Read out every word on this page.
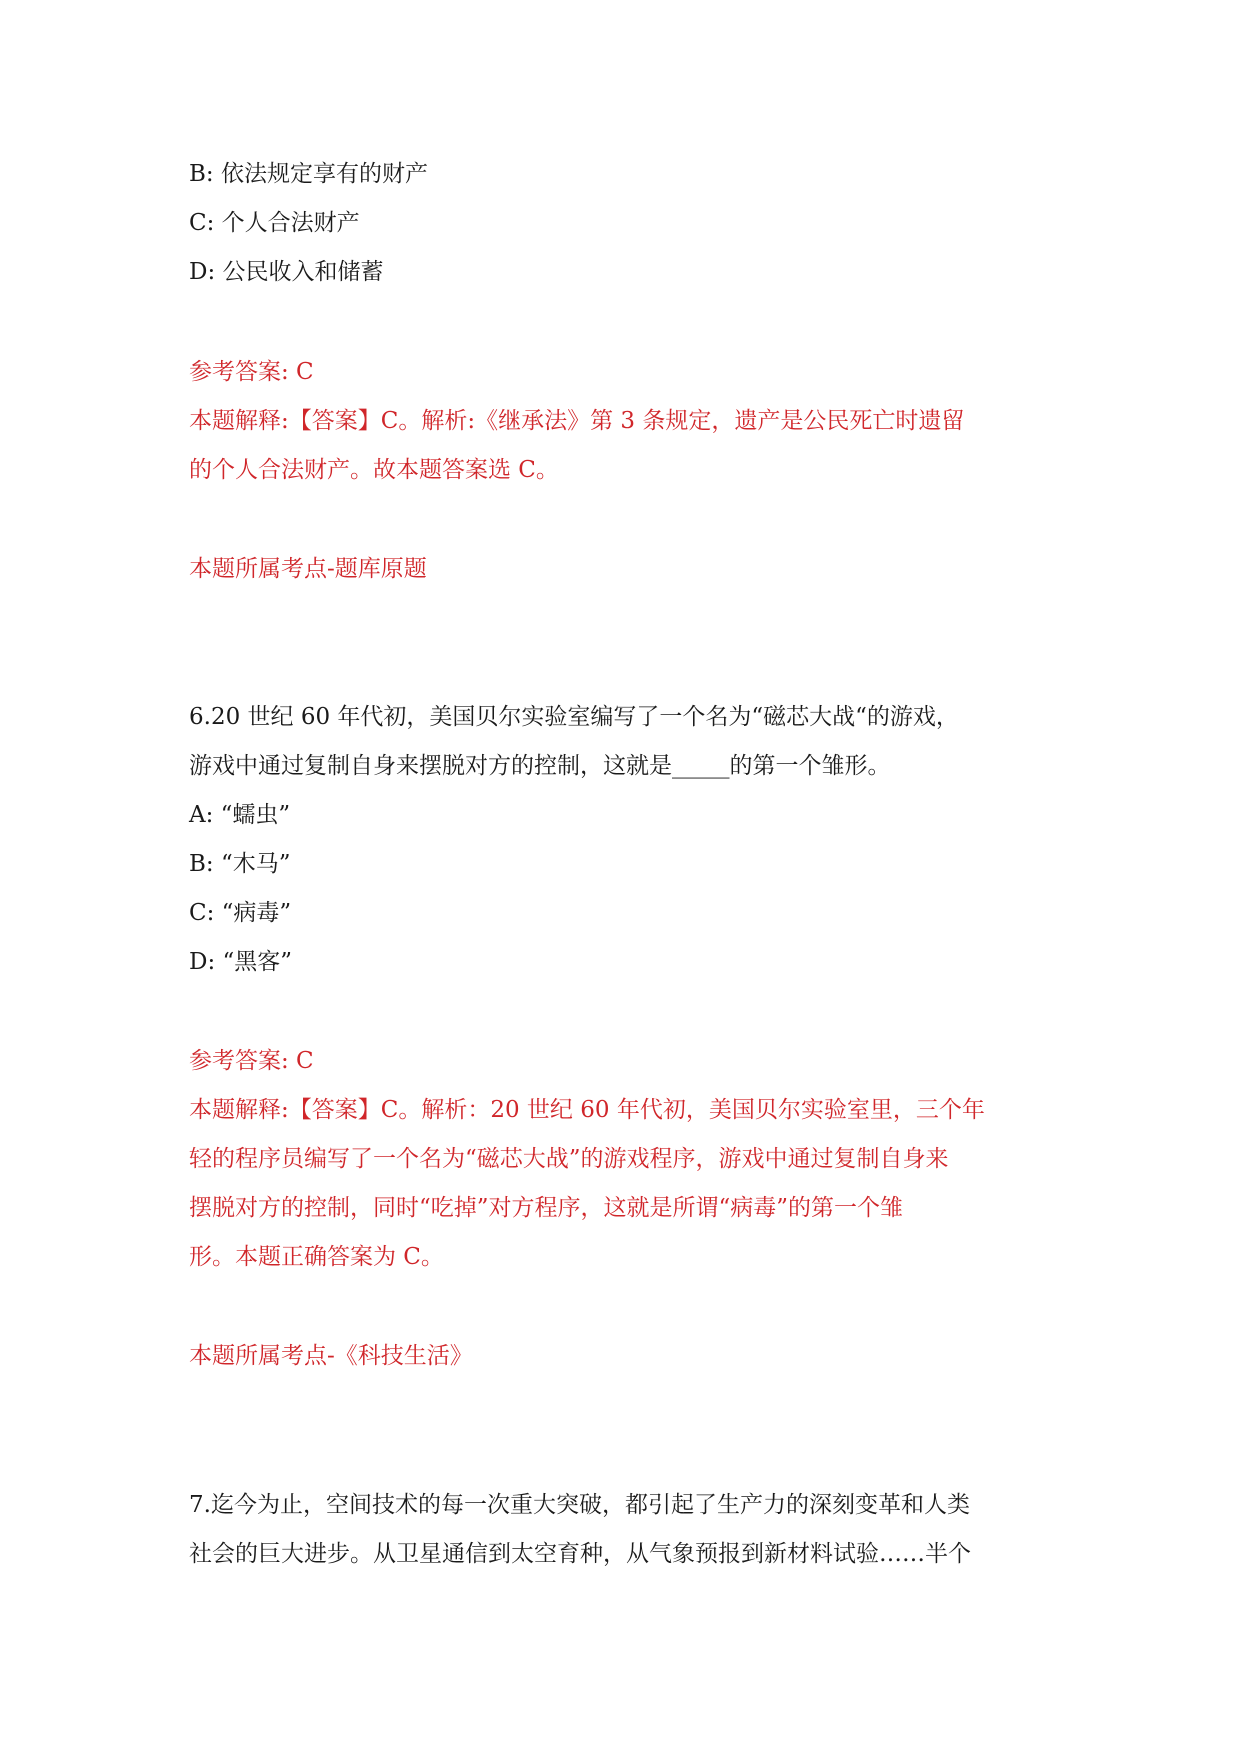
B: 依法规定享有的财产
C: 个人合法财产
D: 公民收入和储蓄
参考答案: C
本题解释:【答案】C。解析:《继承法》第 3 条规定，遗产是公民死亡时遗留
的个人合法财产。故本题答案选 C。
本题所属考点-题库原题
6.20 世纪 60 年代初，美国贝尔实验室编写了一个名为“磁芯大战“的游戏，
游戏中通过复制自身来摆脱对方的控制，这就是_____的第一个雏形。
A: “蠕虫”
B: “木马”
C: “病毒”
D: “黑客”
参考答案: C
本题解释:【答案】C。解析：20 世纪 60 年代初，美国贝尔实验室里，三个年
轻的程序员编写了一个名为“磁芯大战”的游戏程序，游戏中通过复制自身来
摆脱对方的控制，同时“吃掉”对方程序，这就是所谓“病毒”的第一个雏
形。本题正确答案为 C。
本题所属考点-《科技生活》
7.迄今为止，空间技术的每一次重大突破，都引起了生产力的深刻变革和人类
社会的巨大进步。从卫星通信到太空育种，从气象预报到新材料试验……半个
